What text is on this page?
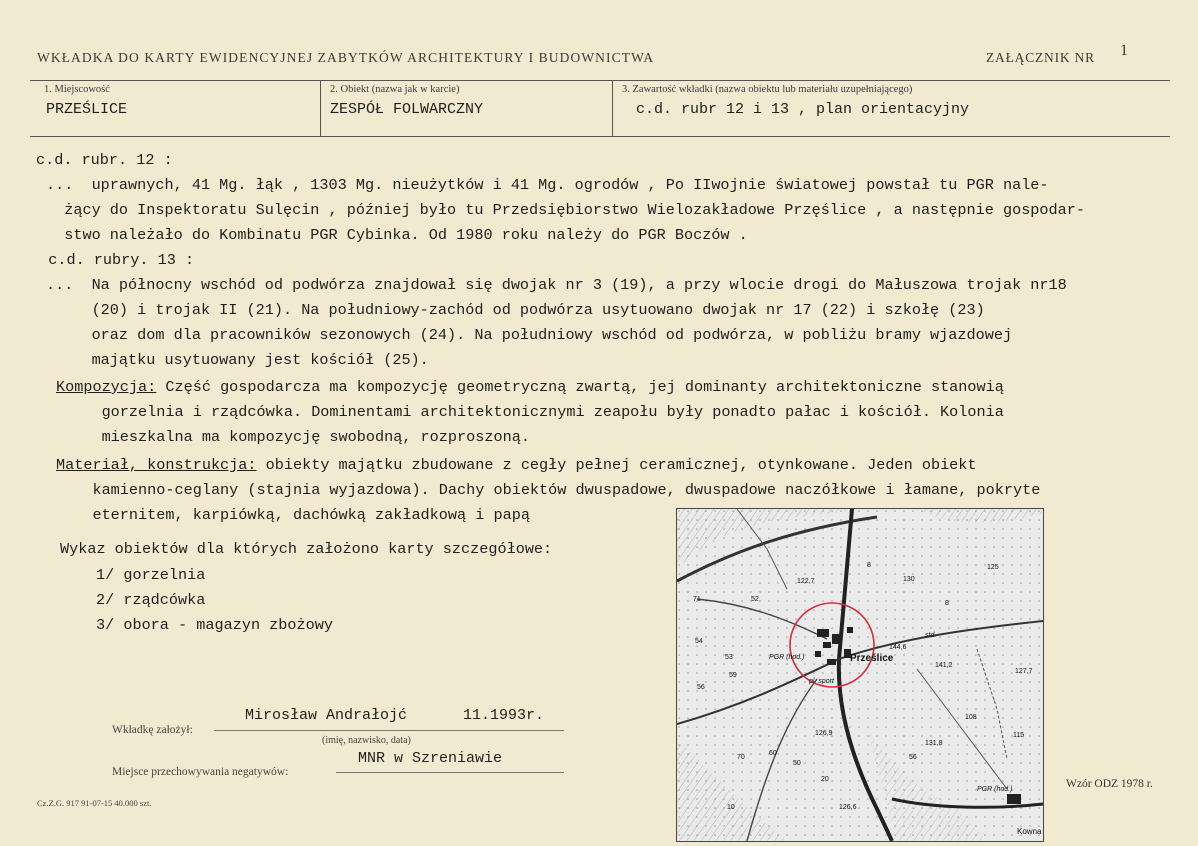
WKŁADKA DO KARTY EWIDENCYJNEJ ZABYTKÓW ARCHITEKTURY I BUDOWNICTWA	ZAŁĄCZNIK NR 1
1. Miejscowość
PRZEŚLICE
2. Obiekt (nazwa jak w karcie)
ZESPÓŁ FOLWARCZNY
3. Zawartość wkładki (nazwa obiektu lub materiału uzupełniającego)
c.d. rubr 12 i 13 , plan orientacyjny
c.d. rubr. 12 :
...  uprawnych, 41 Mg. łąk , 1303 Mg. nieużytków i 41 Mg. ogrodów , Po IIwojnie światowej powstał tu PGR nale-
żący do Inspektoratu Sulęcin , później było tu Przedsiębiorstwo Wielozakładowe Przęślice , a następnie gospodar-
stwo należało do Kombinatu PGR Cybinka. Od 1980 roku należy do PGR Boczów .
c.d. rubry. 13 :
...  Na północny wschód od podwórza znajdował się dwojak nr 3 (19), a przy wlocie drogi do Małuszowa trojak nr18
(20) i trojak II (21). Na południowy-zachód od podwórza usytuowano dwojak nr 17 (22) i szkołę (23)
oraz dom dla pracowników sezonowych (24). Na południowy wschód od podwórza, w pobliżu bramy wjazdowej
majątku usytuowany jest kościół (25).
Kompozycja: Część gospodarcza ma kompozycję geometryczną zwartą, jej dominanty architektoniczne stanowią
gorzelnia i rządcówka. Dominentami architektonicznymi zeapołu były ponadto pałac i kościół. Kolonia
mieszkalna ma kompozycję swobodną, rozproszoną.
Materiał, konstrukcja: obiekty majątku zbudowane z cegły pełnej ceramicznej, otynkowane. Jeden obiekt
kamienno-ceglany (stajnia wyjazdowa). Dachy obiektów dwuspadowe, dwuspadowe naczółkowe i łamane, pokryte
eternitem, karpiówką, dachówką zakładkową i papą
Wykaz obiektów dla których założono karty szczegółowe:
1/ gorzelnia
2/ rządcówka
3/ obora - magazyn zbożowy
Prześlice
PGR (hod.)
pl. sport
std.
PGR (hod.)
Kowna
144,6
141,2
122,7
131,8
127,7
126,9
126,6
71	52
54
53
59
56
60
70
50
20
10
56
130
125
108
8
8
115
Wkładkę założył:
Mirosław Andrałojć	11.1993r.
(imię, nazwisko, data)
Miejsce przechowywania negatywów:
MNR w Szreniawie
Cz.Z.G. 917 91-07-15 40.000 szt.
Wzór ODZ 1978 r.
